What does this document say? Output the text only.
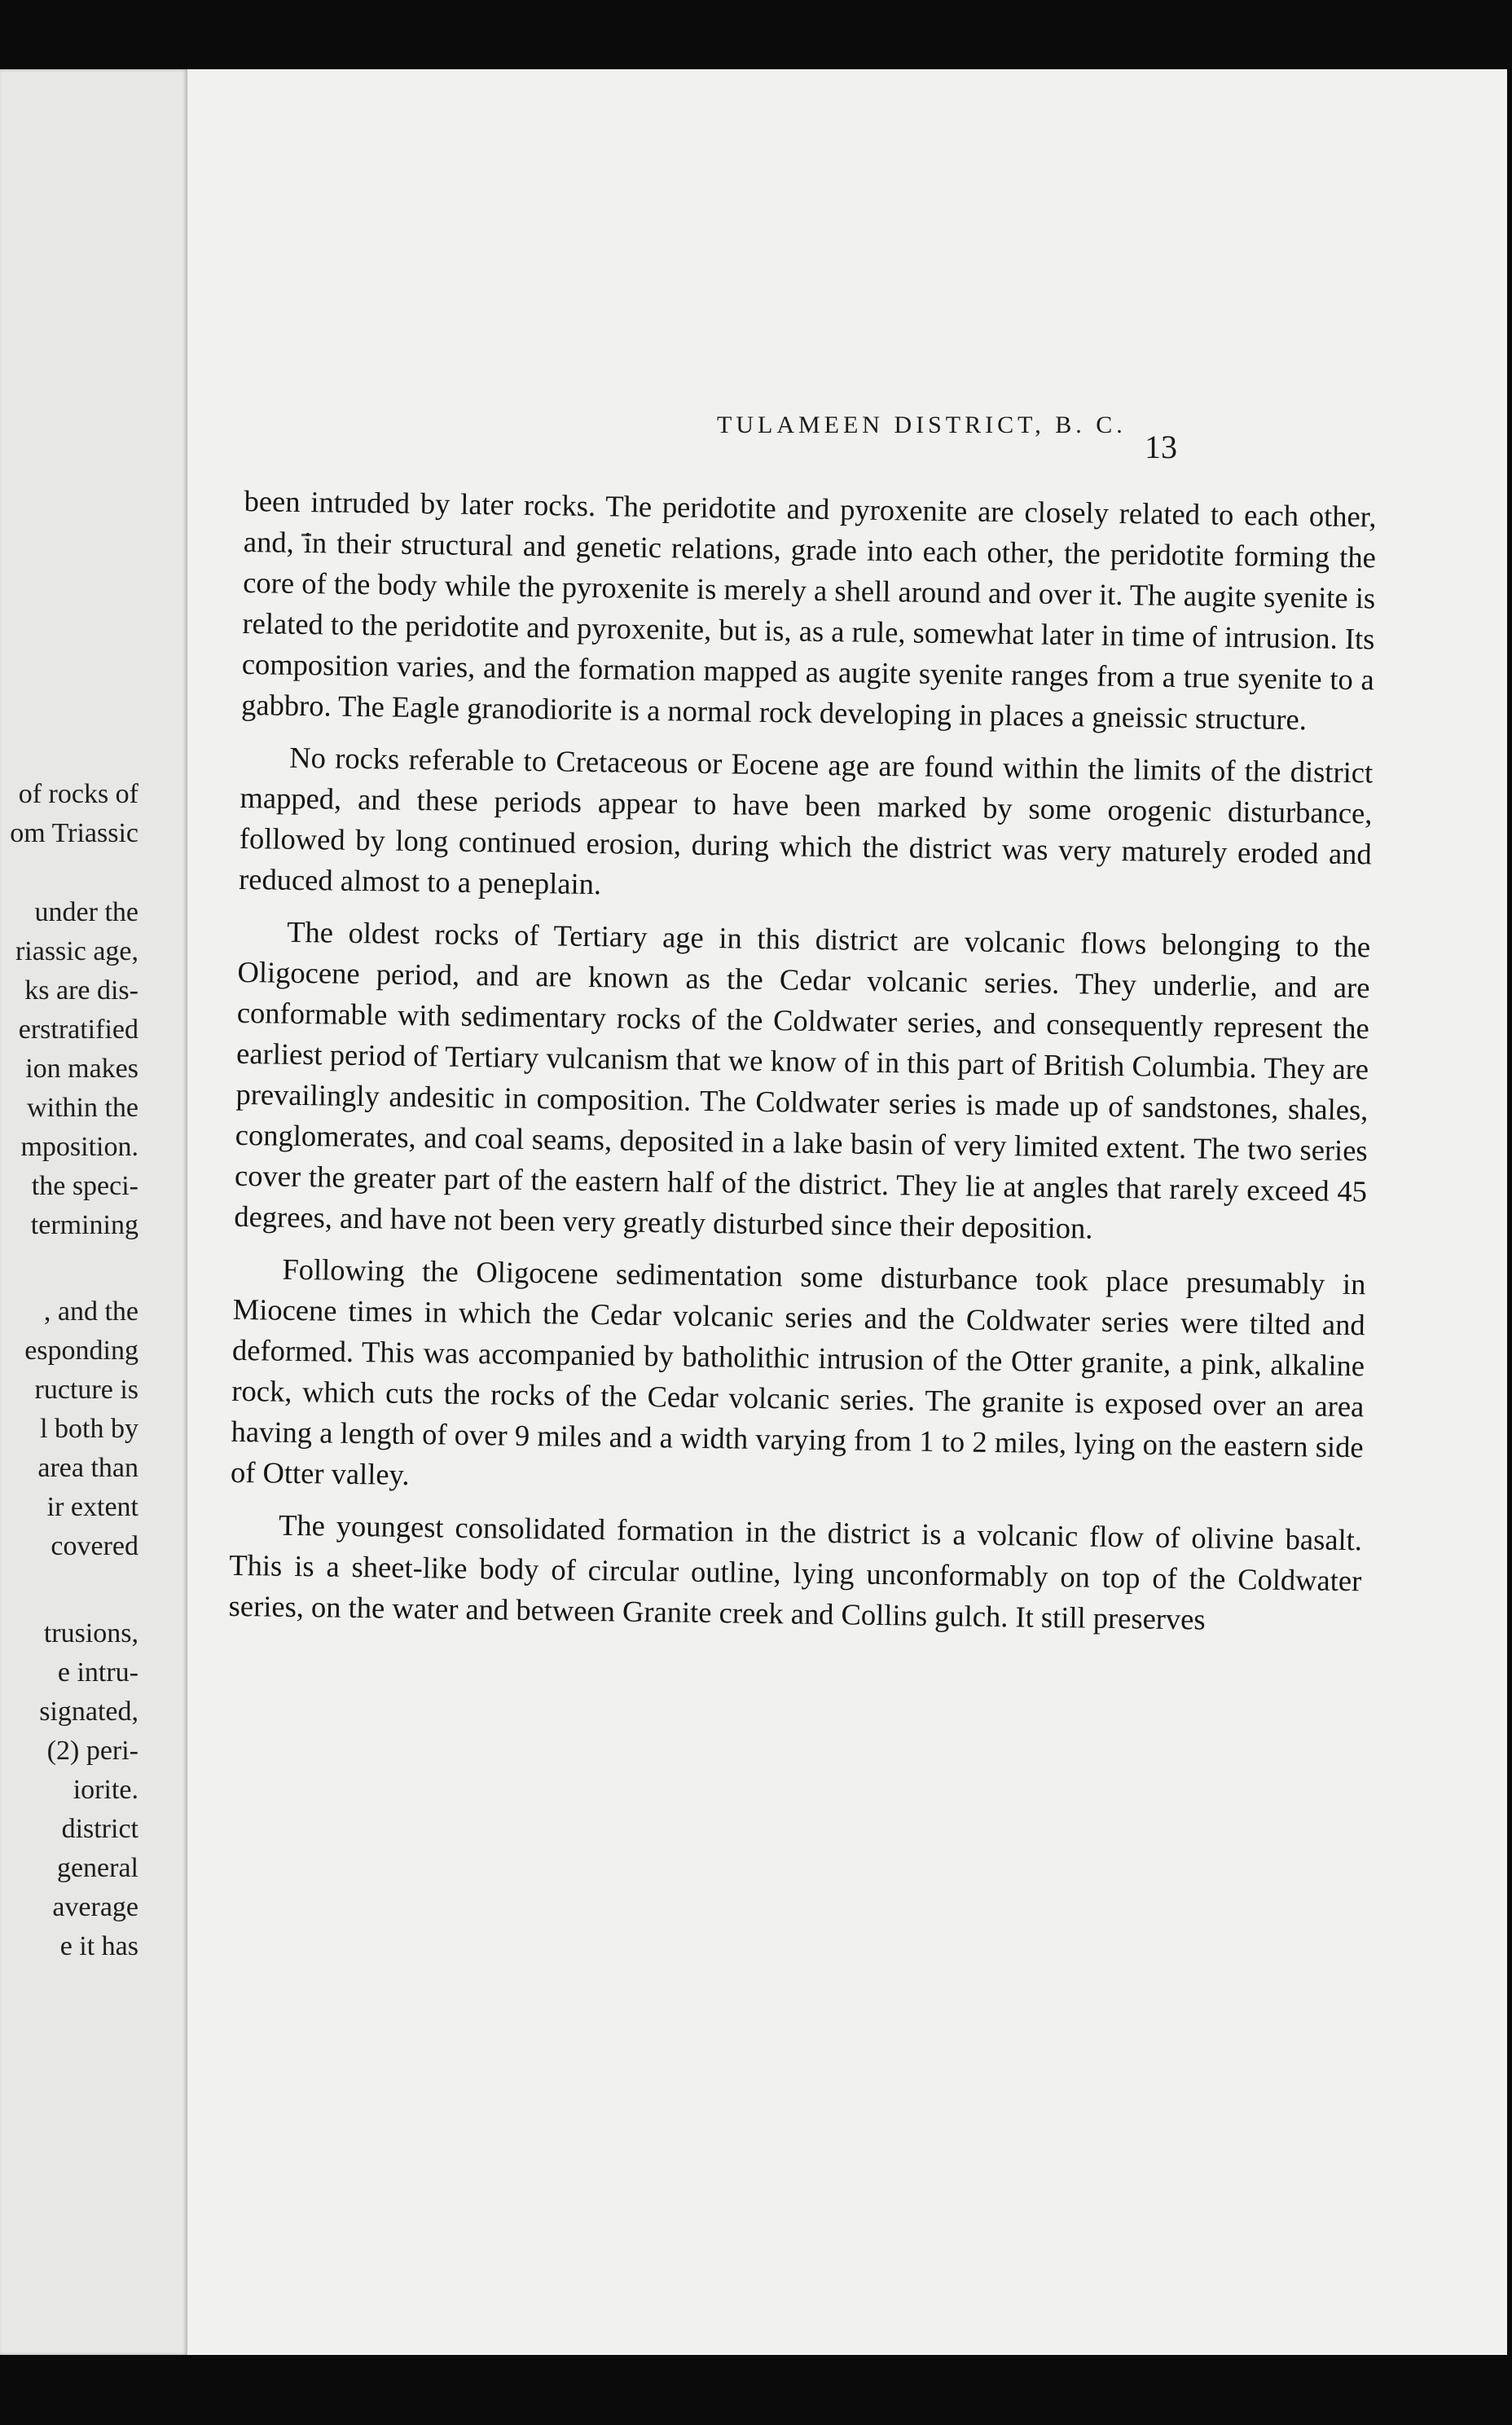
of rocks of
om Triassic
under the
riassic age,
ks are dis-
erstratified
ion makes
within the
mposition.
the speci-
termining
, and the
esponding
ructure is
l both by
area than
ir extent
covered
trusions,
e intru-
signated,
(2) peri-
iorite.
district
general
average
e it has
TULAMEEN DISTRICT, B. C.
13

been intruded by later rocks. The peridotite and pyroxenite are closely related to each other, and, in their structural and genetic relations, grade into each other, the peridotite forming the core of the body while the pyroxenite is merely a shell around and over it. The augite syenite is related to the peridotite and pyroxenite, but is, as a rule, somewhat later in time of intrusion. Its composition varies, and the formation mapped as augite syenite ranges from a true syenite to a gabbro. The Eagle granodiorite is a normal rock developing in places a gneissic structure.

No rocks referable to Cretaceous or Eocene age are found within the limits of the district mapped, and these periods appear to have been marked by some orogenic disturbance, followed by long continued erosion, during which the district was very maturely eroded and reduced almost to a peneplain.

The oldest rocks of Tertiary age in this district are volcanic flows belonging to the Oligocene period, and are known as the Cedar volcanic series. They underlie, and are conformable with sedimentary rocks of the Coldwater series, and consequently represent the earliest period of Tertiary vulcanism that we know of in this part of British Columbia. They are prevailingly andesitic in composition. The Coldwater series is made up of sandstones, shales, conglomerates, and coal seams, deposited in a lake basin of very limited extent. The two series cover the greater part of the eastern half of the district. They lie at angles that rarely exceed 45 degrees, and have not been very greatly disturbed since their deposition.

Following the Oligocene sedimentation some disturbance took place presumably in Miocene times in which the Cedar volcanic series and the Coldwater series were tilted and deformed. This was accompanied by batholithic intrusion of the Otter granite, a pink, alkaline rock, which cuts the rocks of the Cedar volcanic series. The granite is exposed over an area having a length of over 9 miles and a width varying from 1 to 2 miles, lying on the eastern side of Otter valley.

The youngest consolidated formation in the district is a volcanic flow of olivine basalt. This is a sheet-like body of circular outline, lying unconformably on top of the Coldwater series, on the water and between Granite creek and Collins gulch. It still preserves
